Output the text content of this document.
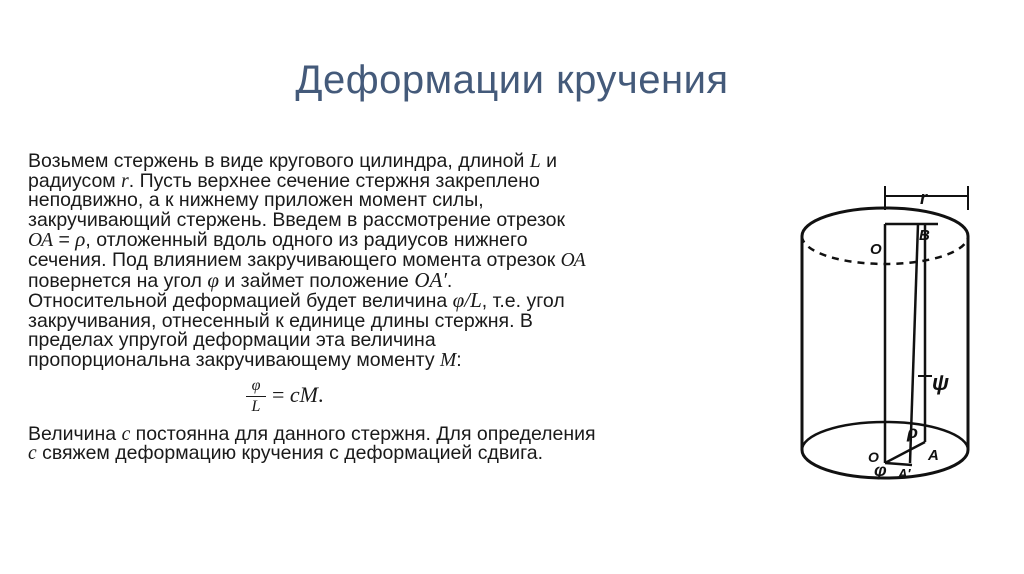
Деформации кручения
Возьмем стержень в виде кругового цилиндра, длиной L и
радиусом r. Пусть верхнее сечение стержня закреплено
неподвижно, а к нижнему приложен момент силы,
закручивающий стержень. Введем в рассмотрение отрезок
ОА = ρ, отложенный вдоль одного из радиусов нижнего
сечения. Под влиянием закручивающего момента отрезок ОА
повернется на угол φ и займет положение OA′.
Относительной деформацией будет величина φ/L, т.е. угол
закручивания, отнесенный к единице длины стержня. В
пределах упругой деформации эта величина
пропорциональна закручивающему моменту М:
φ
L = cM.
Величина с постоянна для данного стержня. Для определения
с свяжем деформацию кручения с деформацией сдвига.
r
O
B
ψ
ρ
O	A
A′
φ
